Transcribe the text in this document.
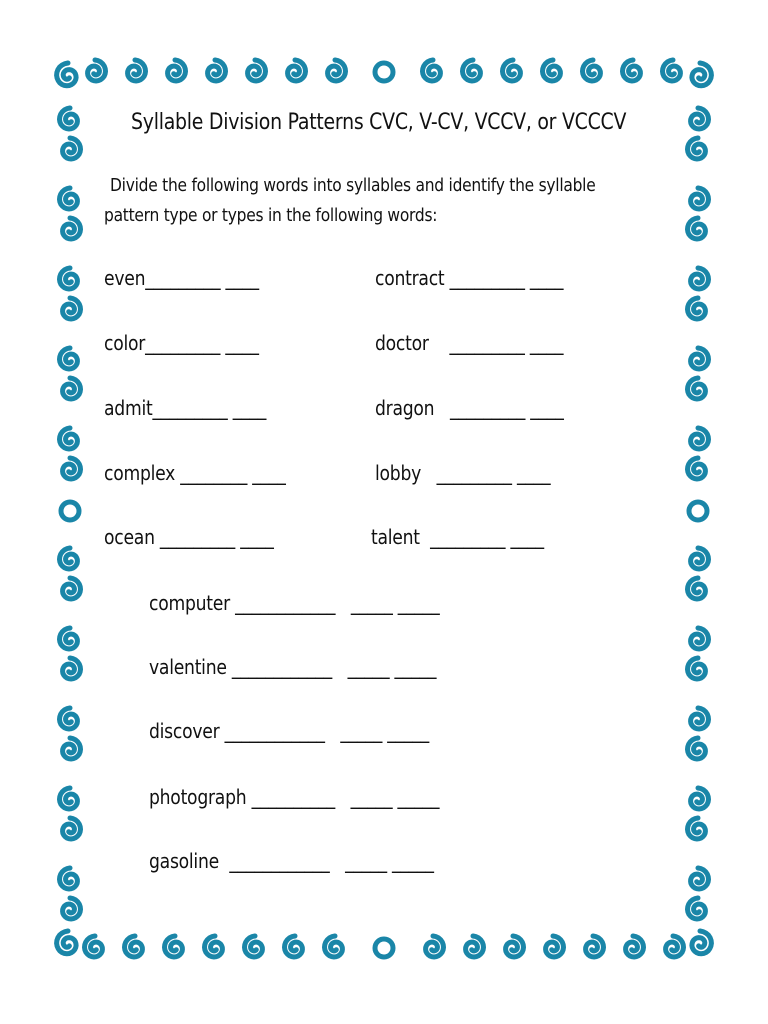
Syllable Division Patterns CVC, V-CV, VCCV, or VCCCV
Divide the following words into syllables and identify the syllable
pattern type or types in the following words:
even_________ ____
color_________ ____
admit_________ ____
complex ________ ____
ocean _________ ____
contract _________ ____
doctor    _________ ____
dragon   _________ ____
lobby   _________ ____
talent  _________ ____
computer ____________   _____ _____
valentine ____________   _____ _____
discover ____________   _____ _____
photograph __________   _____ _____
gasoline  ____________   _____ _____
